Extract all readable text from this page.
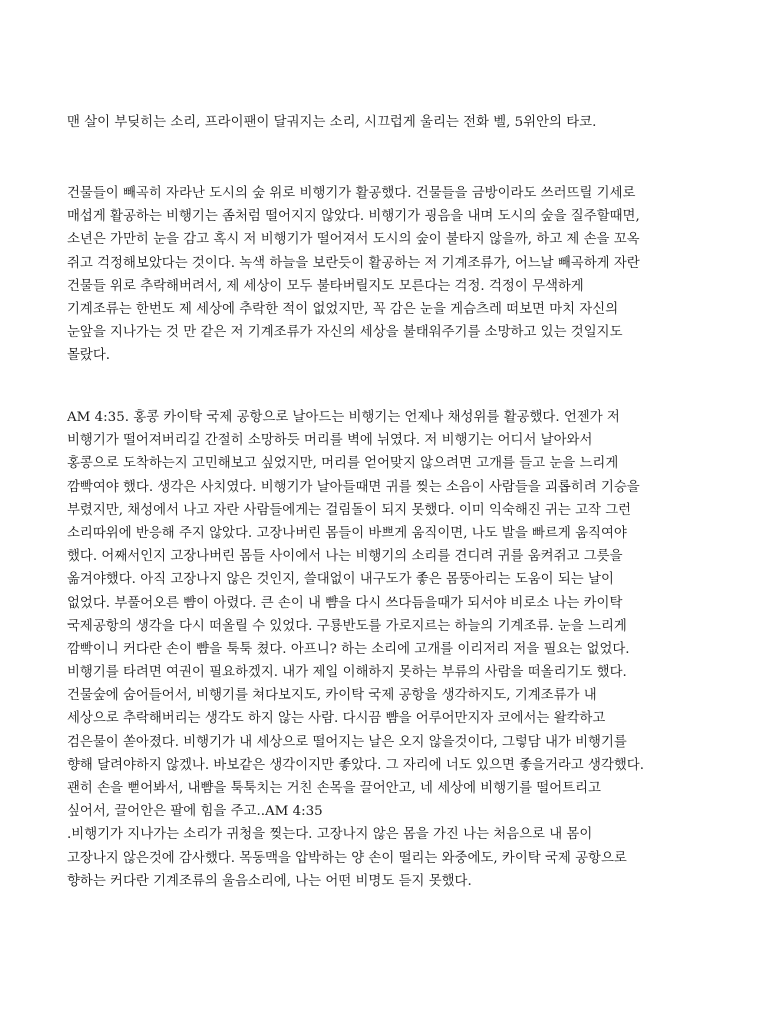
맨 살이 부딪히는 소리, 프라이팬이 달궈지는 소리, 시끄럽게 울리는 전화 벨, 5위안의 타코.
건물들이 빼곡히 자라난 도시의 숲 위로 비행기가 활공했다. 건물들을 금방이라도 쓰러뜨릴 기세로
매섭게 활공하는 비행기는 좀처럼 떨어지지 않았다. 비행기가 굉음을 내며 도시의 숲을 질주할때면,
소년은 가만히 눈을 감고 혹시 저 비행기가 떨어져서 도시의 숲이 불타지 않을까, 하고 제 손을 꼬옥
쥐고 걱정해보았다는 것이다. 녹색 하늘을 보란듯이 활공하는 저 기계조류가, 어느날 빼곡하게 자란
건물들 위로 추락해버려서, 제 세상이 모두 불타버릴지도 모른다는 걱정. 걱정이 무색하게
기계조류는 한번도 제 세상에 추락한 적이 없었지만, 꼭 감은 눈을 게슴츠레 떠보면 마치 자신의
눈앞을 지나가는 것 만 같은 저 기계조류가 자신의 세상을 불태워주기를 소망하고 있는 것일지도
몰랐다.
AM 4:35. 홍콩 카이탁 국제 공항으로 날아드는 비행기는 언제나 채성위를 활공했다. 언젠가 저
비행기가 떨어져버리길 간절히 소망하듯 머리를 벽에 뉘였다. 저 비행기는 어디서 날아와서
홍콩으로 도착하는지 고민해보고 싶었지만, 머리를 얻어맞지 않으려면 고개를 들고 눈을 느리게
깜빡여야 했다. 생각은 사치였다. 비행기가 날아들때면 귀를 찢는 소음이 사람들을 괴롭히려 기승을
부렸지만, 채성에서 나고 자란 사람들에게는 걸림돌이 되지 못했다. 이미 익숙해진 귀는 고작 그런
소리따위에 반응해 주지 않았다. 고장나버린 몸들이 바쁘게 움직이면, 나도 발을 빠르게 움직여야
했다. 어째서인지 고장나버린 몸들 사이에서 나는 비행기의 소리를 견디려 귀를 움켜쥐고 그릇을
옮겨야했다. 아직 고장나지 않은 것인지, 쓸대없이 내구도가 좋은 몸뚱아리는 도움이 되는 날이
없었다. 부풀어오른 뺨이 아렸다. 큰 손이 내 뺨을 다시 쓰다듬을때가 되서야 비로소 나는 카이탁
국제공항의 생각을 다시 떠올릴 수 있었다. 구룡반도를 가로지르는 하늘의 기계조류. 눈을 느리게
깜빡이니 커다란 손이 뺨을 툭툭 쳤다. 아프니? 하는 소리에 고개를 이리저리 저을 필요는 없었다.
비행기를 타려면 여권이 필요하겠지. 내가 제일 이해하지 못하는 부류의 사람을 떠올리기도 했다.
건물숲에 숨어들어서, 비행기를 쳐다보지도, 카이탁 국제 공항을 생각하지도, 기계조류가 내
세상으로 추락해버리는 생각도 하지 않는 사람. 다시끔 뺨을 어루어만지자 코에서는 왈칵하고
검은물이 쏟아졌다. 비행기가 내 세상으로 떨어지는 날은 오지 않을것이다, 그렇담 내가 비행기를
향해 달려야하지 않겠나. 바보같은 생각이지만 좋았다. 그 자리에 너도 있으면 좋을거라고 생각했다.
괜히 손을 뻗어봐서, 내뺨을 툭툭치는 거친 손목을 끌어안고, 네 세상에 비행기를 떨어트리고
싶어서, 끌어안은 팔에 힘을 주고..AM 4:35
.비행기가 지나가는 소리가 귀청을 찢는다. 고장나지 않은 몸을 가진 나는 처음으로 내 몸이
고장나지 않은것에 감사했다. 목동맥을 압박하는 양 손이 떨리는 와중에도, 카이탁 국제 공항으로
향하는 커다란 기계조류의 울음소리에, 나는 어떤 비명도 듣지 못했다.
